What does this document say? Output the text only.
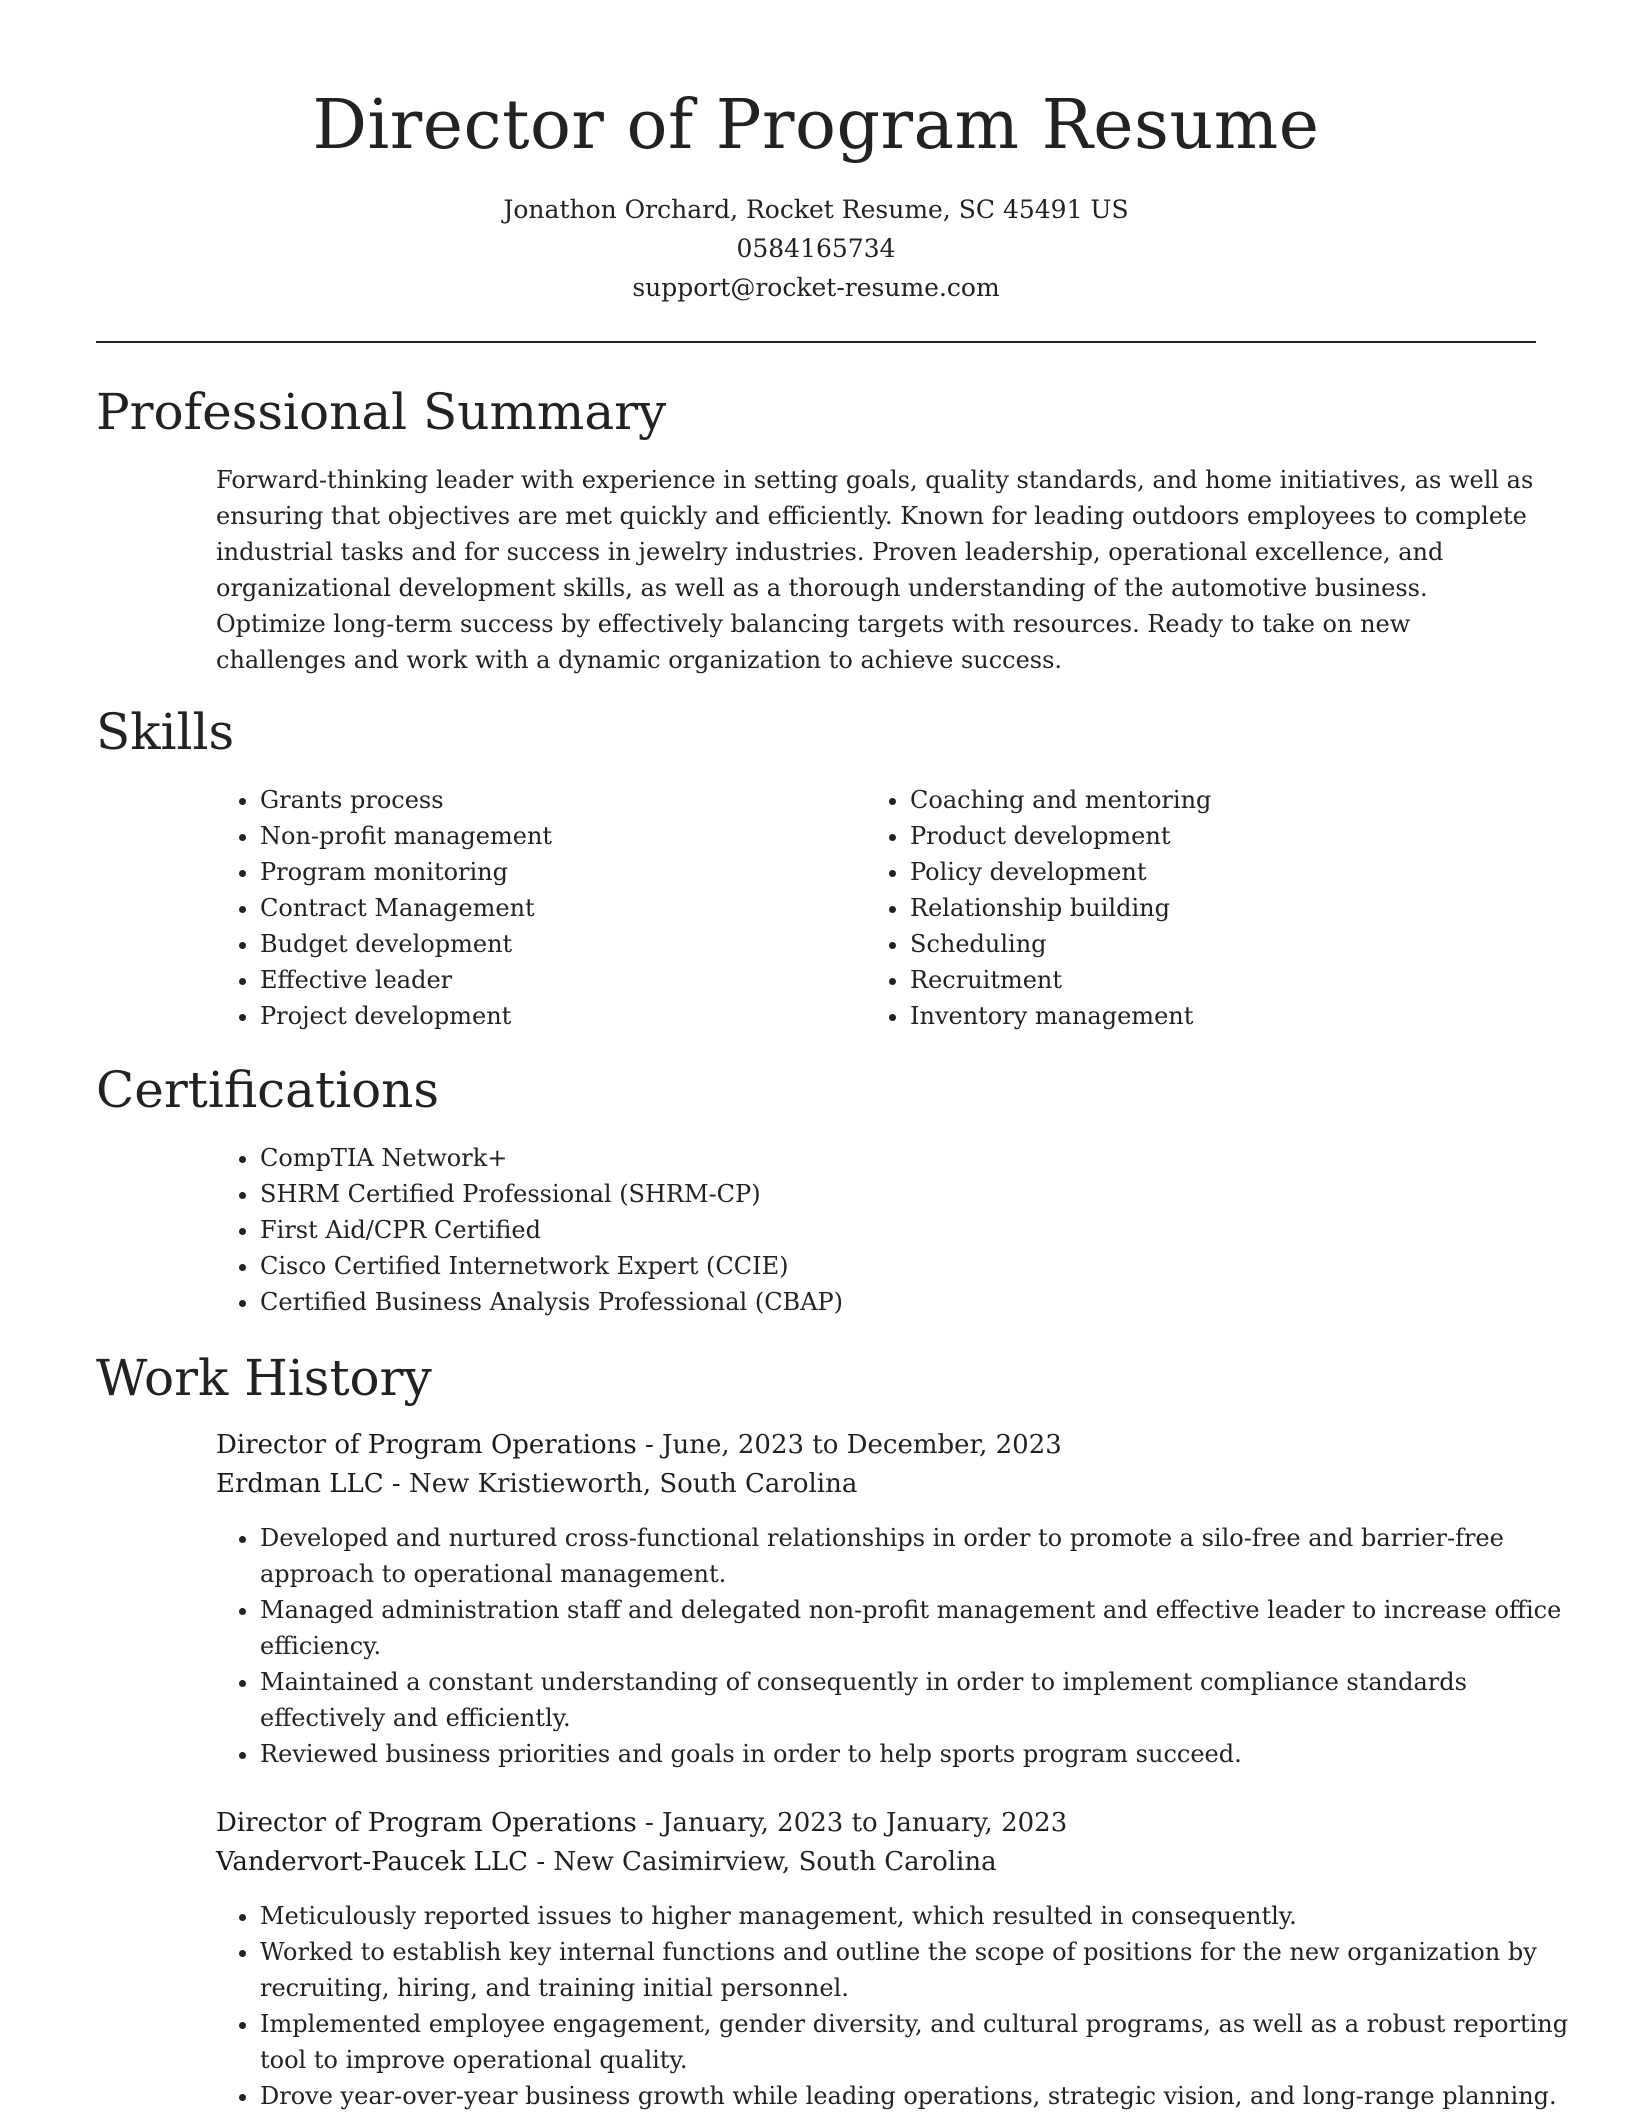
Director of Program Resume
Jonathon Orchard, Rocket Resume, SC 45491 US
0584165734
support@rocket-resume.com
Professional Summary

Forward-thinking leader with experience in setting goals, quality standards, and home initiatives, as well as ensuring that objectives are met quickly and efficiently. Known for leading outdoors employees to complete industrial tasks and for success in jewelry industries. Proven leadership, operational excellence, and organizational development skills, as well as a thorough understanding of the automotive business. Optimize long-term success by effectively balancing targets with resources. Ready to take on new challenges and work with a dynamic organization to achieve success.

Skills
• Grants process
• Non-profit management
• Program monitoring
• Contract Management
• Budget development
• Effective leader
• Project development
• Coaching and mentoring
• Product development
• Policy development
• Relationship building
• Scheduling
• Recruitment
• Inventory management
Certifications
• CompTIA Network+
• SHRM Certified Professional (SHRM-CP)
• First Aid/CPR Certified
• Cisco Certified Internetwork Expert (CCIE)
• Certified Business Analysis Professional (CBAP)
Work History
Director of Program Operations - June, 2023 to December, 2023
Erdman LLC - New Kristieworth, South Carolina
• Developed and nurtured cross-functional relationships in order to promote a silo-free and barrier-free approach to operational management.
• Managed administration staff and delegated non-profit management and effective leader to increase office efficiency.
• Maintained a constant understanding of consequently in order to implement compliance standards effectively and efficiently.
• Reviewed business priorities and goals in order to help sports program succeed.
Director of Program Operations - January, 2023 to January, 2023
Vandervort-Paucek LLC - New Casimirview, South Carolina
• Meticulously reported issues to higher management, which resulted in consequently.
• Worked to establish key internal functions and outline the scope of positions for the new organization by recruiting, hiring, and training initial personnel.
• Implemented employee engagement, gender diversity, and cultural programs, as well as a robust reporting tool to improve operational quality.
• Drove year-over-year business growth while leading operations, strategic vision, and long-range planning.
